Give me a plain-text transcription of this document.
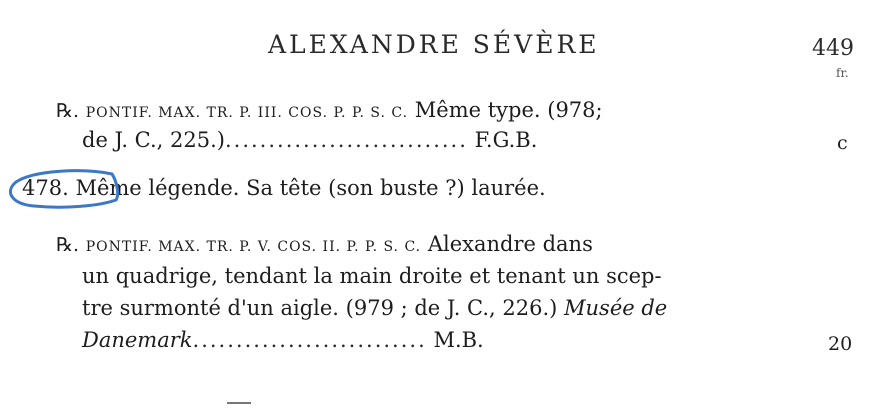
ALEXANDRE SÉVÈRE	449
fr.
℞. PONTIF. MAX. TR. P. III. COS. P. P. S. C. Même type. (978;
de J. C., 225.)............................ F.G.B.	c
478. Même légende. Sa tête (son buste ?) laurée.
℞. PONTIF. MAX. TR. P. V. COS. II. P. P. S. C. Alexandre dans
un quadrige, tendant la main droite et tenant un scep-
tre surmonté d'un aigle. (979 ; de J. C., 226.) Musée de
Danemark........................... M.B.	20
